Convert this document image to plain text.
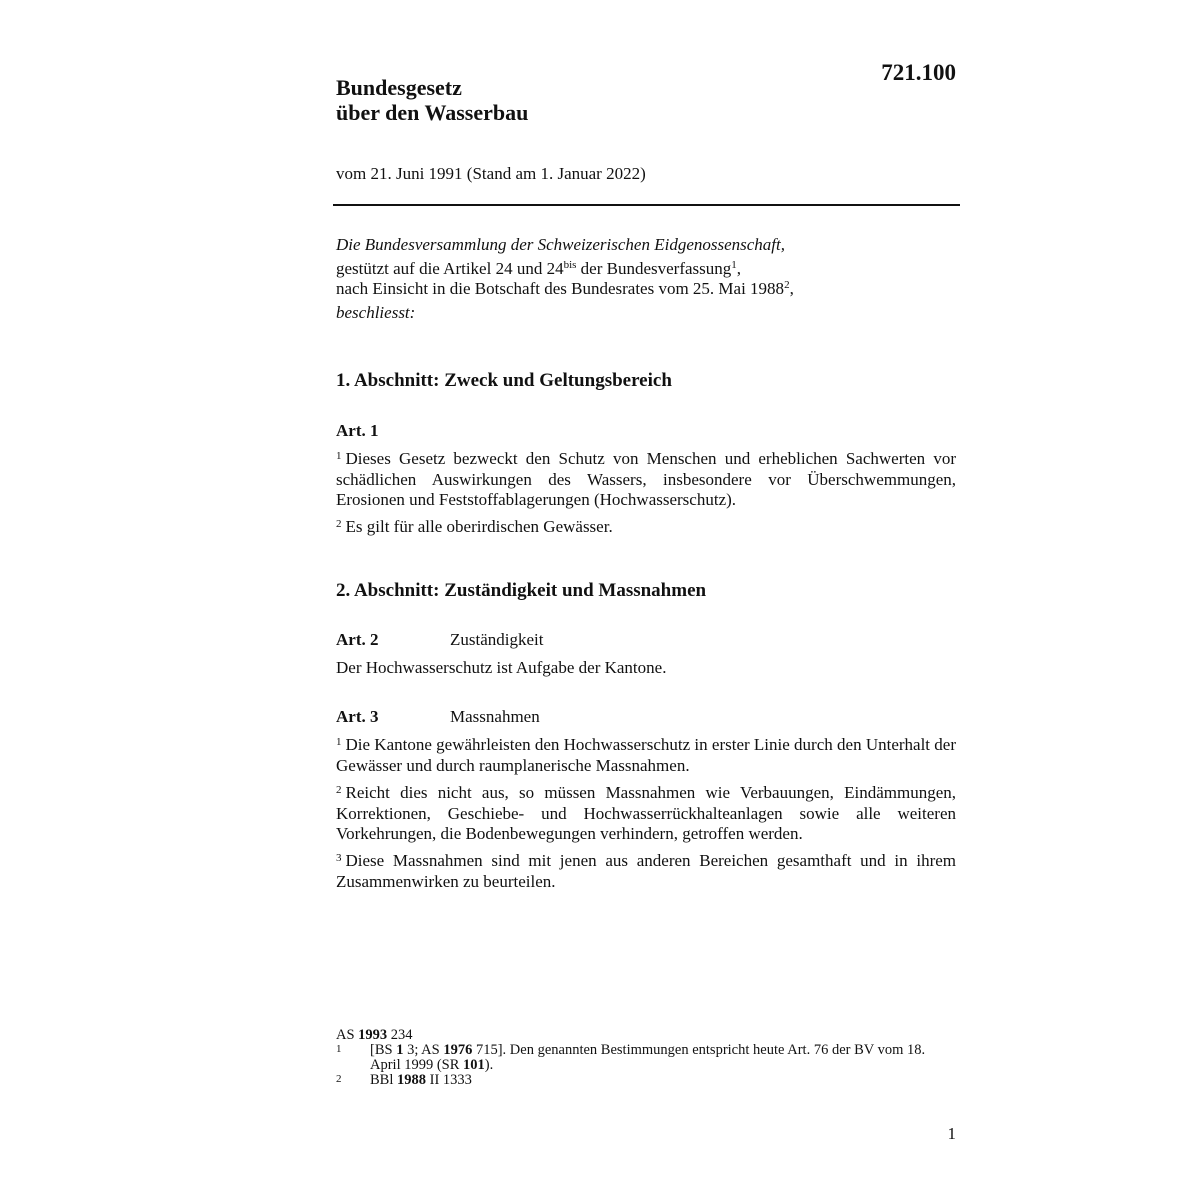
721.100
Bundesgesetz
über den Wasserbau
vom 21. Juni 1991 (Stand am 1. Januar 2022)
Die Bundesversammlung der Schweizerischen Eidgenossenschaft,
gestützt auf die Artikel 24 und $24^{bis}$ der Bundesverfassung$^1$,
nach Einsicht in die Botschaft des Bundesrates vom 25. Mai 1988$^2$,
beschliesst:
1. Abschnitt: Zweck und Geltungsbereich
Art. 1
$^1$ Dieses Gesetz bezweckt den Schutz von Menschen und erheblichen Sachwerten vor schädlichen Auswirkungen des Wassers, insbesondere vor Überschwemmungen, Erosionen und Feststoffablagerungen (Hochwasserschutz).
$^2$ Es gilt für alle oberirdischen Gewässer.
2. Abschnitt: Zuständigkeit und Massnahmen
Art. 2	Zuständigkeit
Der Hochwasserschutz ist Aufgabe der Kantone.
Art. 3	Massnahmen
$^1$ Die Kantone gewährleisten den Hochwasserschutz in erster Linie durch den Unterhalt der Gewässer und durch raumplanerische Massnahmen.
$^2$ Reicht dies nicht aus, so müssen Massnahmen wie Verbauungen, Eindämmungen, Korrektionen, Geschiebe- und Hochwasserrückhalteanlagen sowie alle weiteren Vorkehrungen, die Bodenbewegungen verhindern, getroffen werden.
$^3$ Diese Massnahmen sind mit jenen aus anderen Bereichen gesamthaft und in ihrem Zusammenwirken zu beurteilen.
AS 1993 234
1	[BS 1 3; AS 1976 715]. Den genannten Bestimmungen entspricht heute Art. 76 der BV vom 18. April 1999 (SR 101).
2	BBl 1988 II 1333
1
